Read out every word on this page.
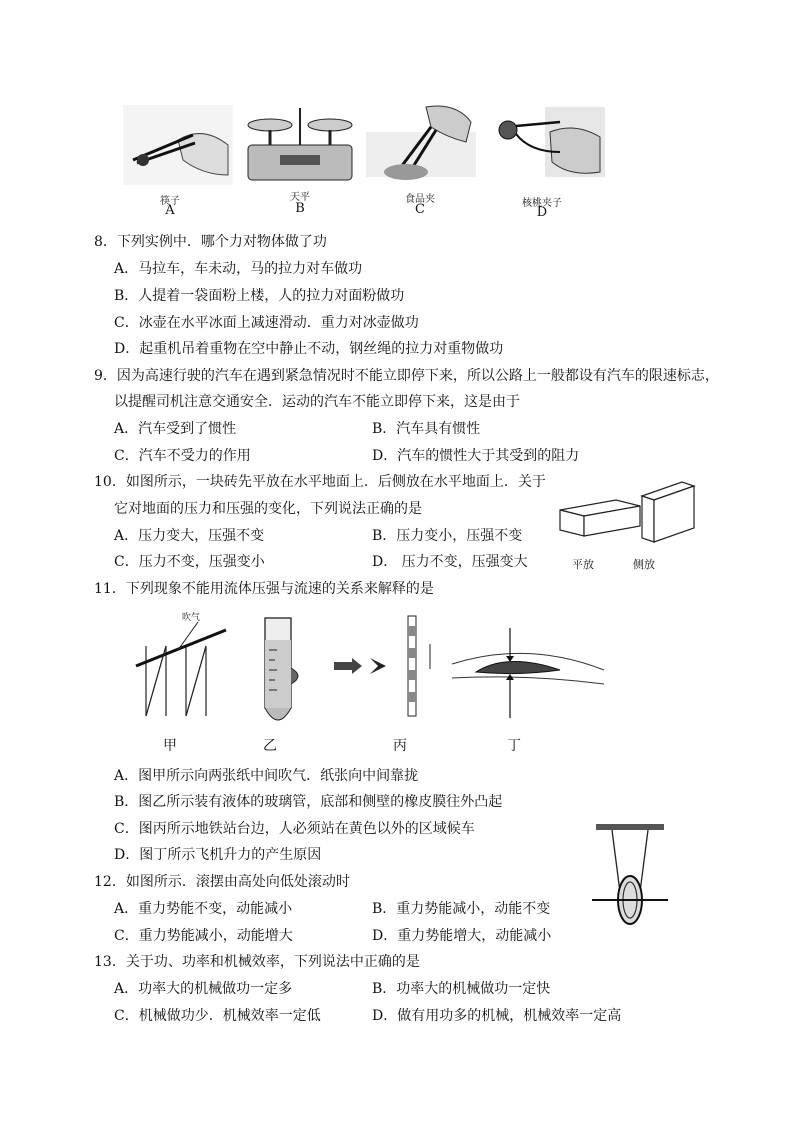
筷子	天平	食品夹	核桃夹子
A	B	C	D
8．下列实例中．哪个力对物体做了功
A．马拉车，车未动，马的拉力对车做功
B．人提着一袋面粉上楼，人的拉力对面粉做功
C．冰壶在水平冰面上减速滑动．重力对冰壶做功
D．起重机吊着重物在空中静止不动，钢丝绳的拉力对重物做功
9．因为高速行驶的汽车在遇到紧急情况时不能立即停下来，所以公路上一般都设有汽车的限速标志，
以提醒司机注意交通安全．运动的汽车不能立即停下来，这是由于
A．汽车受到了惯性	B．汽车具有惯性
C．汽车不受力的作用	D．汽车的惯性大于其受到的阻力
10．如图所示，一块砖先平放在水平地面上．后侧放在水平地面上．关于
它对地面的压力和压强的变化，下列说法正确的是
A．压力变大，压强不变	B．压力变小，压强不变
C．压力不变，压强变小	D． 压力不变，压强变大	平放	侧放
11．下列现象不能用流体压强与流速的关系来解释的是
吹气
甲	乙	丙	丁
A．图甲所示向两张纸中间吹气．纸张向中间靠拢
B．图乙所示装有液体的玻璃管，底部和侧壁的橡皮膜往外凸起
C．图丙所示地铁站台边，人必须站在黄色以外的区域候车
D．图丁所示飞机升力的产生原因
12．如图所示．滚摆由高处向低处滚动时
A．重力势能不变，动能减小	B．重力势能减小，动能不变
C．重力势能减小，动能增大	D．重力势能增大，动能减小
13．关于功、功率和机械效率，下列说法中正确的是
A．功率大的机械做功一定多	B．功率大的机械做功一定快
C．机械做功少．机械效率一定低	D．做有用功多的机械，机械效率一定高
